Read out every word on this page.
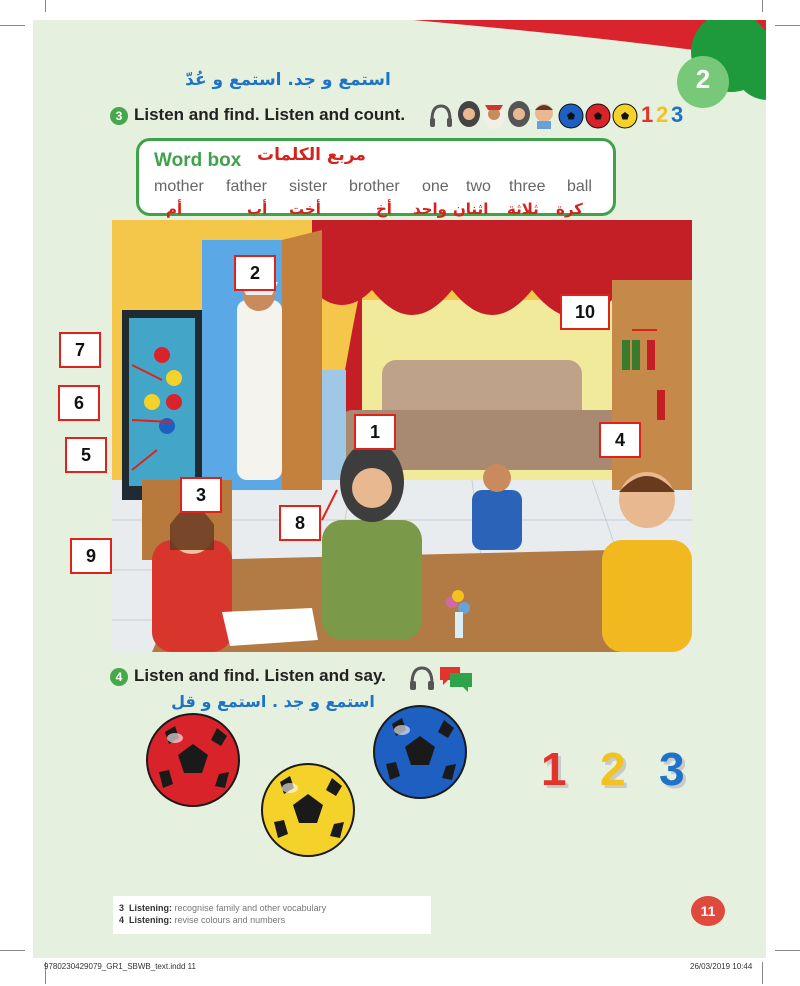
2
استمع و جد. استمع و عُدّ
3 Listen and find. Listen and count.	1 2 3
Word box مربع الكلمات
mother father sister brother one two three ball
أم	أب أخت	أخ واحد اثنان ثلاثة كرة
1
2
3
4
5
6
7
8
9
10
4 Listen and find. Listen and say.
استمع و جد . استمع و قل
1 2 3
3 Listening: recognise family and other vocabulary
4 Listening: revise colours and numbers
11
9780230429079_GR1_SBWB_text.indd 11	26/03/2019 10:44
